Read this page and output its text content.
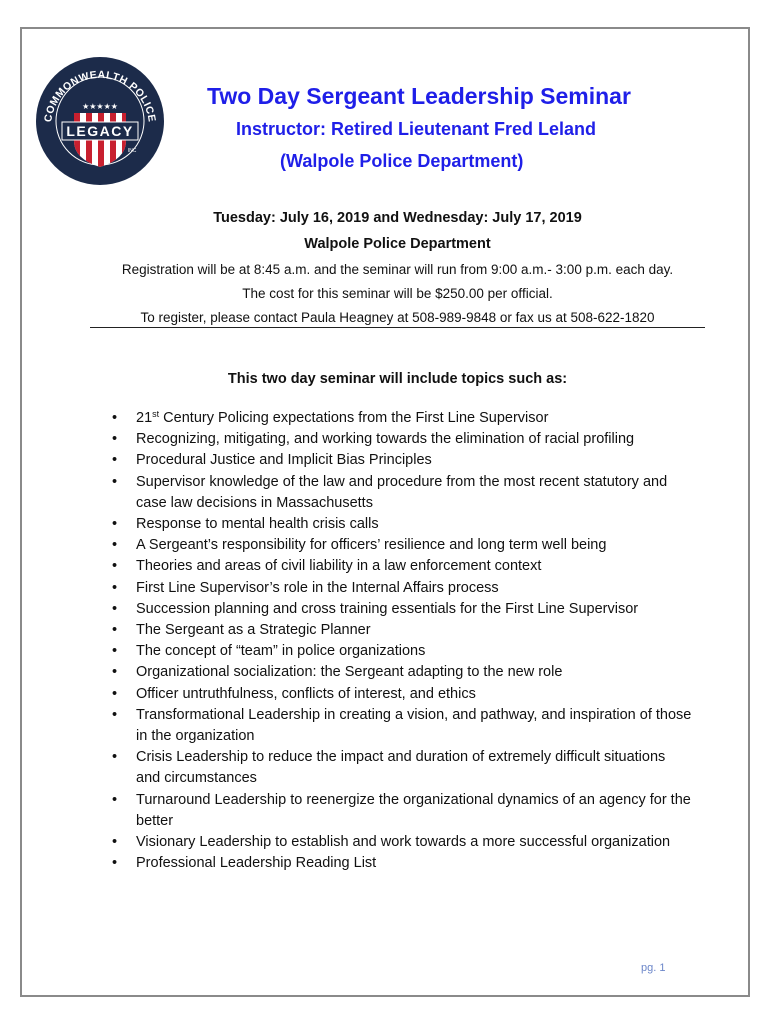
COMMONWEALTH POLICE
★★★★★
LEGACY
INC
Two Day Sergeant Leadership Seminar
Instructor: Retired Lieutenant Fred Leland
(Walpole Police Department)
Tuesday: July 16, 2019 and Wednesday: July 17, 2019
Walpole Police Department
Registration will be at 8:45 a.m. and the seminar will run from 9:00 a.m.- 3:00 p.m. each day.
The cost for this seminar will be $250.00 per official.
To register, please contact Paula Heagney at 508-989-9848 or fax us at 508-622-1820
This two day seminar will include topics such as:
• 21st Century Policing expectations from the First Line Supervisor
• Recognizing, mitigating, and working towards the elimination of racial profiling
• Procedural Justice and Implicit Bias Principles
• Supervisor knowledge of the law and procedure from the most recent statutory and case law decisions in Massachusetts
• Response to mental health crisis calls
• A Sergeant’s responsibility for officers’ resilience and long term well being
• Theories and areas of civil liability in a law enforcement context
• First Line Supervisor’s role in the Internal Affairs process
• Succession planning and cross training essentials for the First Line Supervisor
• The Sergeant as a Strategic Planner
• The concept of “team” in police organizations
• Organizational socialization: the Sergeant adapting to the new role
• Officer untruthfulness, conflicts of interest, and ethics
• Transformational Leadership in creating a vision, and pathway, and inspiration of those in the organization
• Crisis Leadership to reduce the impact and duration of extremely difficult situations and circumstances
• Turnaround Leadership to reenergize the organizational dynamics of an agency for the better
• Visionary Leadership to establish and work towards a more successful organization
• Professional Leadership Reading List
pg. 1
